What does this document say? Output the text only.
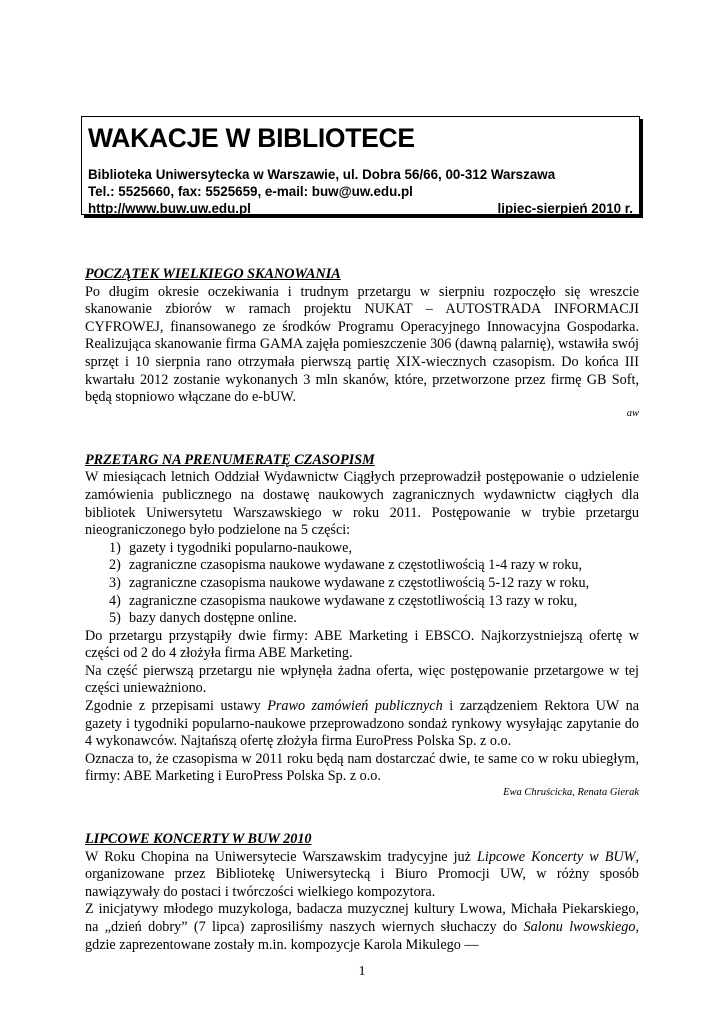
WAKACJE W BIBLIOTECE
Biblioteka Uniwersytecka w Warszawie, ul. Dobra 56/66, 00-312 Warszawa
Tel.: 5525660, fax: 5525659, e-mail: buw@uw.edu.pl
http://www.buw.uw.edu.pl	lipiec-sierpień 2010 r.

POCZĄTEK WIELKIEGO SKANOWANIA

Po długim okresie oczekiwania i trudnym przetargu w sierpniu rozpoczęło się wreszcie skanowanie zbiorów w ramach projektu NUKAT – AUTOSTRADA INFORMACJI CYFROWEJ, finansowanego ze środków Programu Operacyjnego Innowacyjna Gospodarka. Realizująca skanowanie firma GAMA zajęła pomieszczenie 306 (dawną palarnię), wstawiła swój sprzęt i 10 sierpnia rano otrzymała pierwszą partię XIX-wiecznych czasopism. Do końca III kwartału 2012 zostanie wykonanych 3 mln skanów, które, przetworzone przez firmę GB Soft, będą stopniowo włączane do e-bUW.

aw

PRZETARG NA PRENUMERATĘ CZASOPISM

W miesiącach letnich Oddział Wydawnictw Ciągłych przeprowadził postępowanie o udzielenie zamówienia publicznego na dostawę naukowych zagranicznych wydawnictw ciągłych dla bibliotek Uniwersytetu Warszawskiego w roku 2011. Postępowanie w trybie przetargu nieograniczonego było podzielone na 5 części:

1) gazety i tygodniki popularno-naukowe,
2) zagraniczne czasopisma naukowe wydawane z częstotliwością 1-4 razy w roku,
3) zagraniczne czasopisma naukowe wydawane z częstotliwością 5-12 razy w roku,
4) zagraniczne czasopisma naukowe wydawane z częstotliwością 13 razy w roku,
5) bazy danych dostępne online.

Do przetargu przystąpiły dwie firmy: ABE Marketing i EBSCO. Najkorzystniejszą ofertę w części od 2 do 4 złożyła firma ABE Marketing.

Na część pierwszą przetargu nie wpłynęła żadna oferta, więc postępowanie przetargowe w tej części unieważniono.

Zgodnie z przepisami ustawy Prawo zamówień publicznych i zarządzeniem Rektora UW na gazety i tygodniki popularno-naukowe przeprowadzono sondaż rynkowy wysyłając zapytanie do 4 wykonawców. Najtańszą ofertę złożyła firma EuroPress Polska Sp. z o.o.

Oznacza to, że czasopisma w 2011 roku będą nam dostarczać dwie, te same co w roku ubiegłym, firmy: ABE Marketing i EuroPress Polska Sp. z o.o.

Ewa Chruścicka, Renata Gierak

LIPCOWE KONCERTY W BUW 2010

W Roku Chopina na Uniwersytecie Warszawskim tradycyjne już Lipcowe Koncerty w BUW, organizowane przez Bibliotekę Uniwersytecką i Biuro Promocji UW, w różny sposób nawiązywały do postaci i twórczości wielkiego kompozytora.

Z inicjatywy młodego muzykologa, badacza muzycznej kultury Lwowa, Michała Piekarskiego, na „dzień dobry” (7 lipca) zaprosiliśmy naszych wiernych słuchaczy do Salonu lwowskiego, gdzie zaprezentowane zostały m.in. kompozycje Karola Mikulego —

1
